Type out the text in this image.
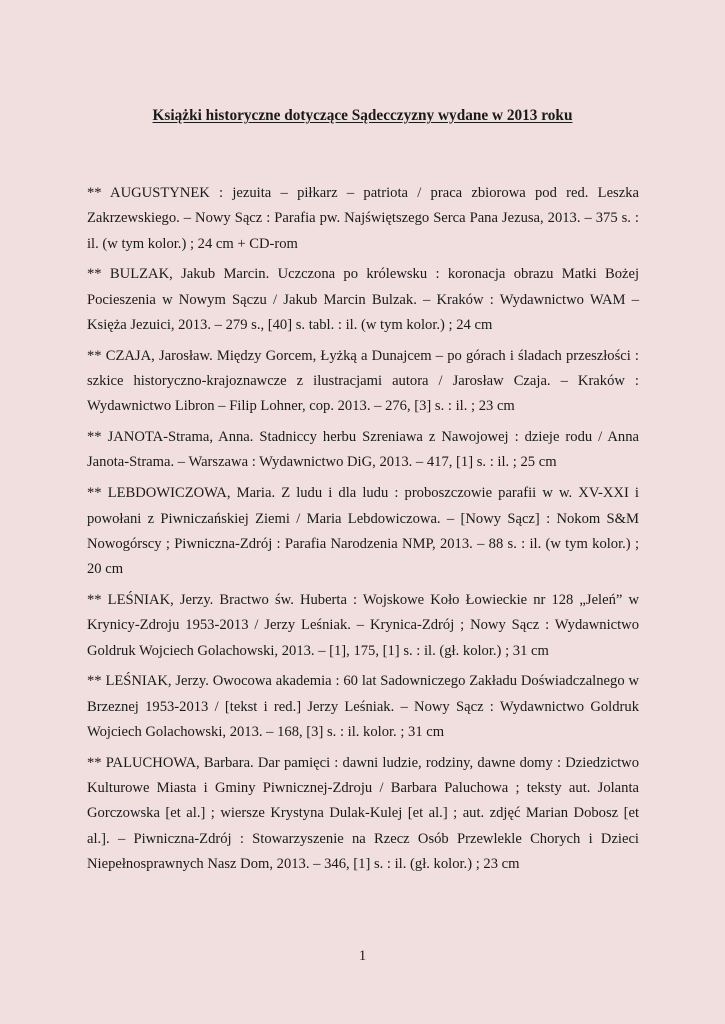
Książki historyczne dotyczące Sądecczyzny wydane w 2013 roku

** AUGUSTYNEK : jezuita – piłkarz – patriota / praca zbiorowa pod red. Leszka Zakrzewskiego. – Nowy Sącz : Parafia pw. Najświętszego Serca Pana Jezusa, 2013. – 375 s. : il. (w tym kolor.) ; 24 cm + CD-rom

** BULZAK, Jakub Marcin. Uczczona po królewsku : koronacja obrazu Matki Bożej Pocieszenia w Nowym Sączu / Jakub Marcin Bulzak. – Kraków : Wydawnictwo WAM – Księża Jezuici, 2013. – 279 s., [40] s. tabl. : il. (w tym kolor.) ; 24 cm

** CZAJA, Jarosław. Między Gorcem, Łyżką a Dunajcem – po górach i śladach przeszłości : szkice historyczno-krajoznawcze z ilustracjami autora / Jarosław Czaja. – Kraków : Wydawnictwo Libron – Filip Lohner, cop. 2013. – 276, [3] s. : il. ; 23 cm

** JANOTA-Strama, Anna. Stadniccy herbu Szreniawa z Nawojowej : dzieje rodu / Anna Janota-Strama. – Warszawa : Wydawnictwo DiG, 2013. – 417, [1] s. : il. ; 25 cm

** LEBDOWICZOWA, Maria. Z ludu i dla ludu : proboszczowie parafii w w. XV-XXI i powołani z Piwniczańskiej Ziemi / Maria Lebdowiczowa. – [Nowy Sącz] : Nokom S&M Nowogórscy ; Piwniczna-Zdrój : Parafia Narodzenia NMP, 2013. – 88 s. : il. (w tym kolor.) ; 20 cm

** LEŚNIAK, Jerzy. Bractwo św. Huberta : Wojskowe Koło Łowieckie nr 128 „Jeleń” w Krynicy-Zdroju 1953-2013 / Jerzy Leśniak. – Krynica-Zdrój ; Nowy Sącz : Wydawnictwo Goldruk Wojciech Golachowski, 2013. – [1], 175, [1] s. : il. (gł. kolor.) ; 31 cm

** LEŚNIAK, Jerzy. Owocowa akademia : 60 lat Sadowniczego Zakładu Doświadczalnego w Brzeznej 1953-2013 / [tekst i red.] Jerzy Leśniak. – Nowy Sącz : Wydawnictwo Goldruk Wojciech Golachowski, 2013. – 168, [3] s. : il. kolor. ; 31 cm

** PALUCHOWA, Barbara. Dar pamięci : dawni ludzie, rodziny, dawne domy : Dziedzictwo Kulturowe Miasta i Gminy Piwnicznej-Zdroju / Barbara Paluchowa ; teksty aut. Jolanta Gorczowska [et al.] ; wiersze Krystyna Dulak-Kulej [et al.] ; aut. zdjęć Marian Dobosz [et al.]. – Piwniczna-Zdrój : Stowarzyszenie na Rzecz Osób Przewlekle Chorych i Dzieci Niepełnosprawnych Nasz Dom, 2013. – 346, [1] s. : il. (gł. kolor.) ; 23 cm

1
